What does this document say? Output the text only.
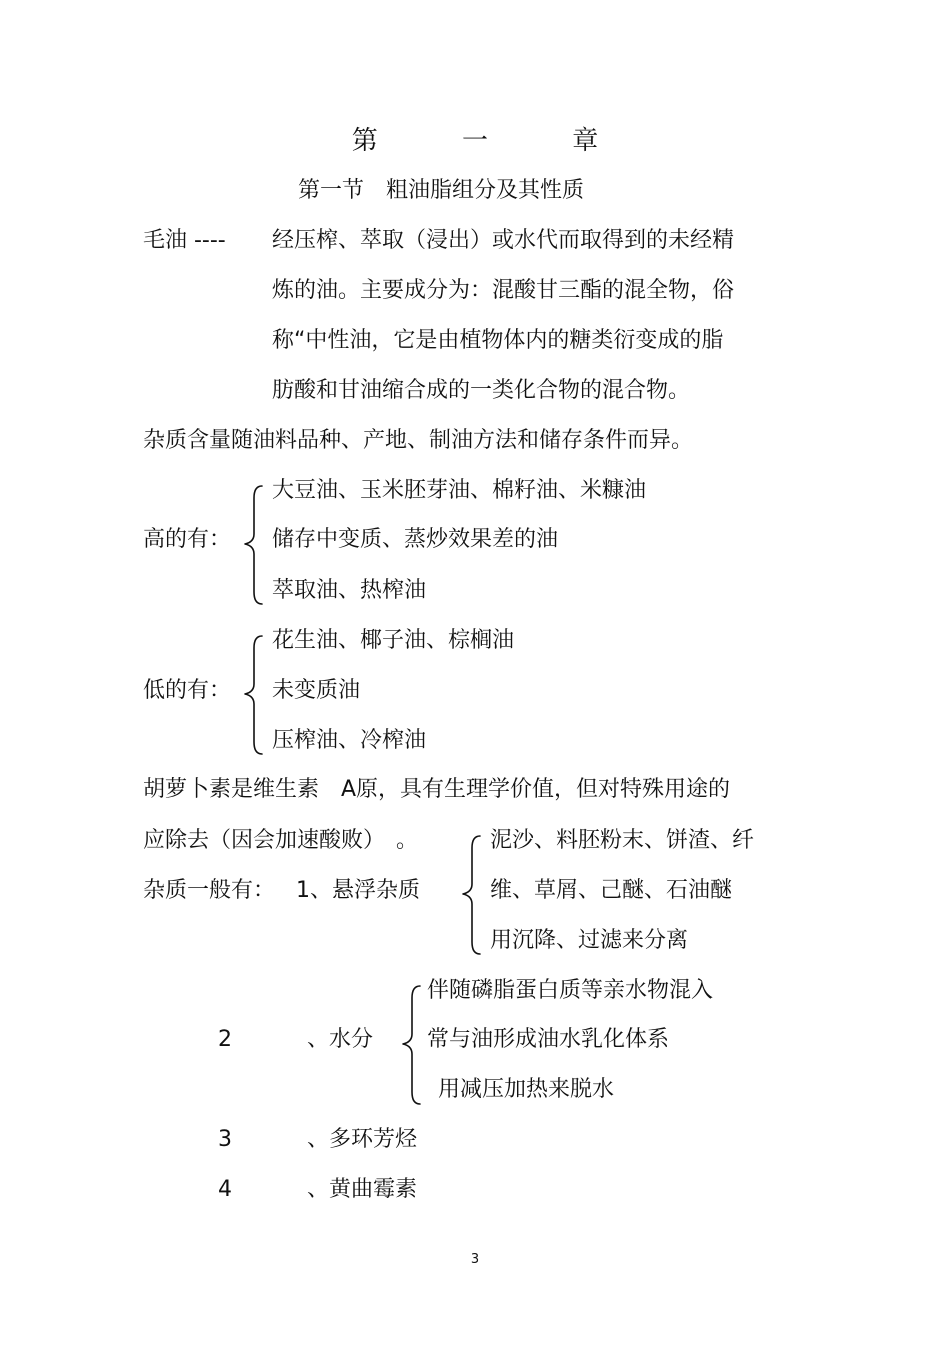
第 一 章
第一节　粗油脂组分及其性质
毛油 ---- 经压榨、萃取（浸出）或水代而取得到的未经精
炼的油。主要成分为：混酸甘三酯的混全物，俗
称“中性油，它是由植物体内的糖类衍变成的脂
肪酸和甘油缩合成的一类化合物的混合物。
杂质含量随油料品种、产地、制油方法和储存条件而异。
高的有：
大豆油、玉米胚芽油、棉籽油、米糠油
储存中变质、蒸炒效果差的油
萃取油、热榨油
低的有：
花生油、椰子油、棕榈油
未变质油
压榨油、冷榨油
胡萝卜素是维生素　A原，具有生理学价值，但对特殊用途的
应除去（因会加速酸败）　。
杂质一般有： 1、悬浮杂质
泥沙、料胚粉末、饼渣、纤
维、草屑、己醚、石油醚
用沉降、过滤来分离
2	、水分
伴随磷脂蛋白质等亲水物混入
常与油形成油水乳化体系
用减压加热来脱水
3	、多环芳烃
4	、黄曲霉素
3
